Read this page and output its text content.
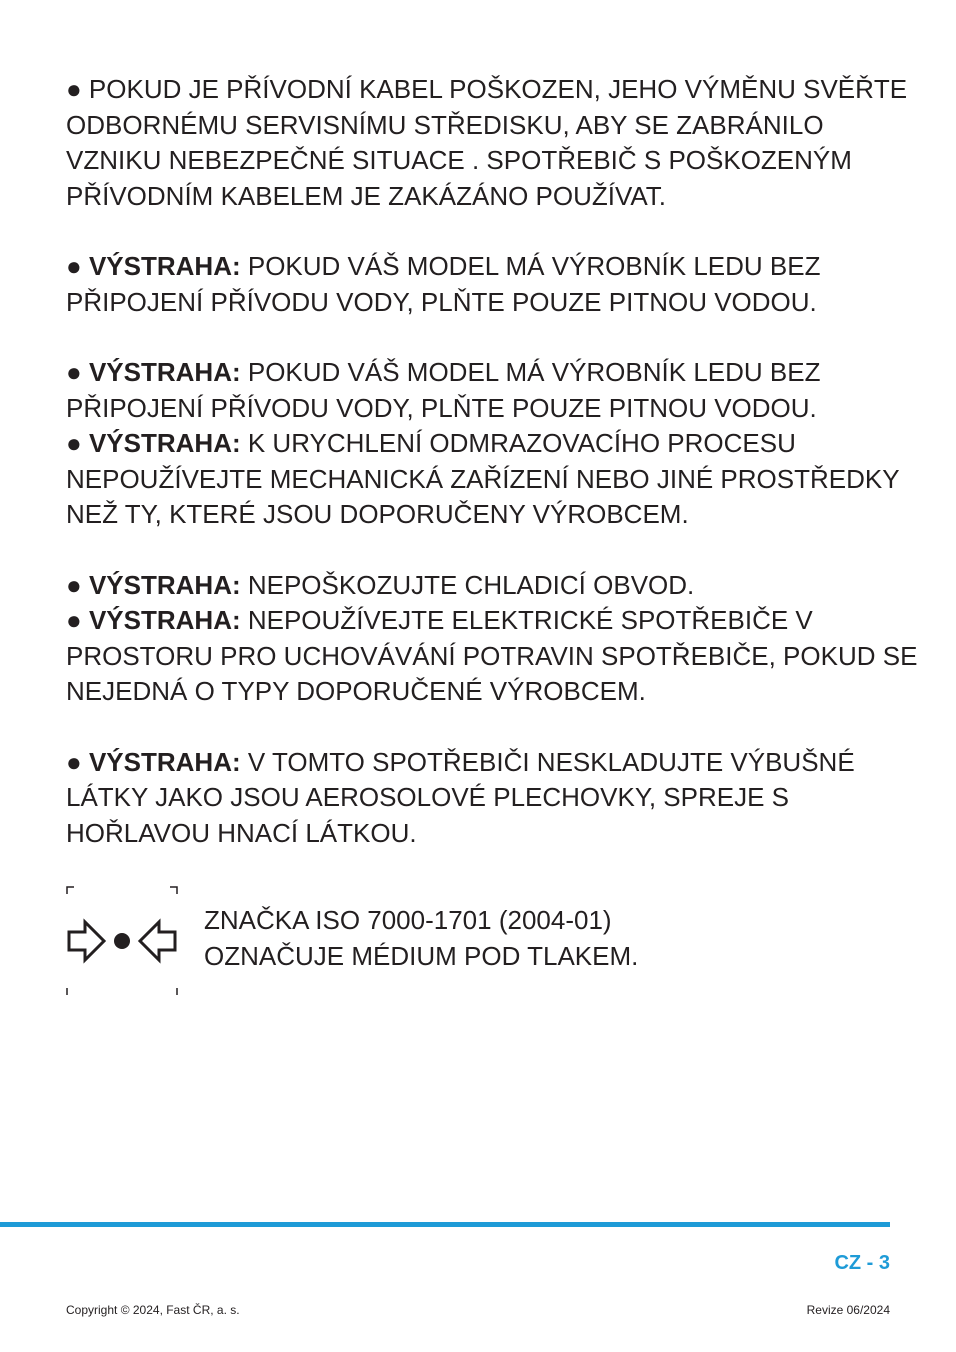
● POKUD JE PŘÍVODNÍ KABEL POŠKOZEN, JEHO VÝMĚNU SVĚŘTE
ODBORNÉMU SERVISNÍMU STŘEDISKU, ABY SE ZABRÁNILO
VZNIKU NEBEZPEČNÉ SITUACE . SPOTŘEBIČ S POŠKOZENÝM
PŘÍVODNÍM KABELEM JE ZAKÁZÁNO POUŽÍVAT.

● VÝSTRAHA: POKUD VÁŠ MODEL MÁ VÝROBNÍK LEDU BEZ
PŘIPOJENÍ PŘÍVODU VODY, PLŇTE POUZE PITNOU VODOU.

● VÝSTRAHA: POKUD VÁŠ MODEL MÁ VÝROBNÍK LEDU BEZ
PŘIPOJENÍ PŘÍVODU VODY, PLŇTE POUZE PITNOU VODOU.

● VÝSTRAHA: K URYCHLENÍ ODMRAZOVACÍHO PROCESU
NEPOUŽÍVEJTE MECHANICKÁ ZAŘÍZENÍ NEBO JINÉ PROSTŘEDKY
NEŽ TY, KTERÉ JSOU DOPORUČENY VÝROBCEM.

● VÝSTRAHA: NEPOŠKOZUJTE CHLADICÍ OBVOD.

● VÝSTRAHA: NEPOUŽÍVEJTE ELEKTRICKÉ SPOTŘEBIČE V
PROSTORU PRO UCHOVÁVÁNÍ POTRAVIN SPOTŘEBIČE, POKUD SE
NEJEDNÁ O TYPY DOPORUČENÉ VÝROBCEM.

● VÝSTRAHA: V TOMTO SPOTŘEBIČI NESKLADUJTE VÝBUŠNÉ
LÁTKY JAKO JSOU AEROSOLOVÉ PLECHOVKY, SPREJE S
HOŘLAVOU HNACÍ LÁTKOU.

ZNAČKA ISO 7000-1701 (2004-01)
OZNAČUJE MÉDIUM POD TLAKEM.
CZ - 3
Copyright © 2024, Fast ČR, a. s.	Revize 06/2024
